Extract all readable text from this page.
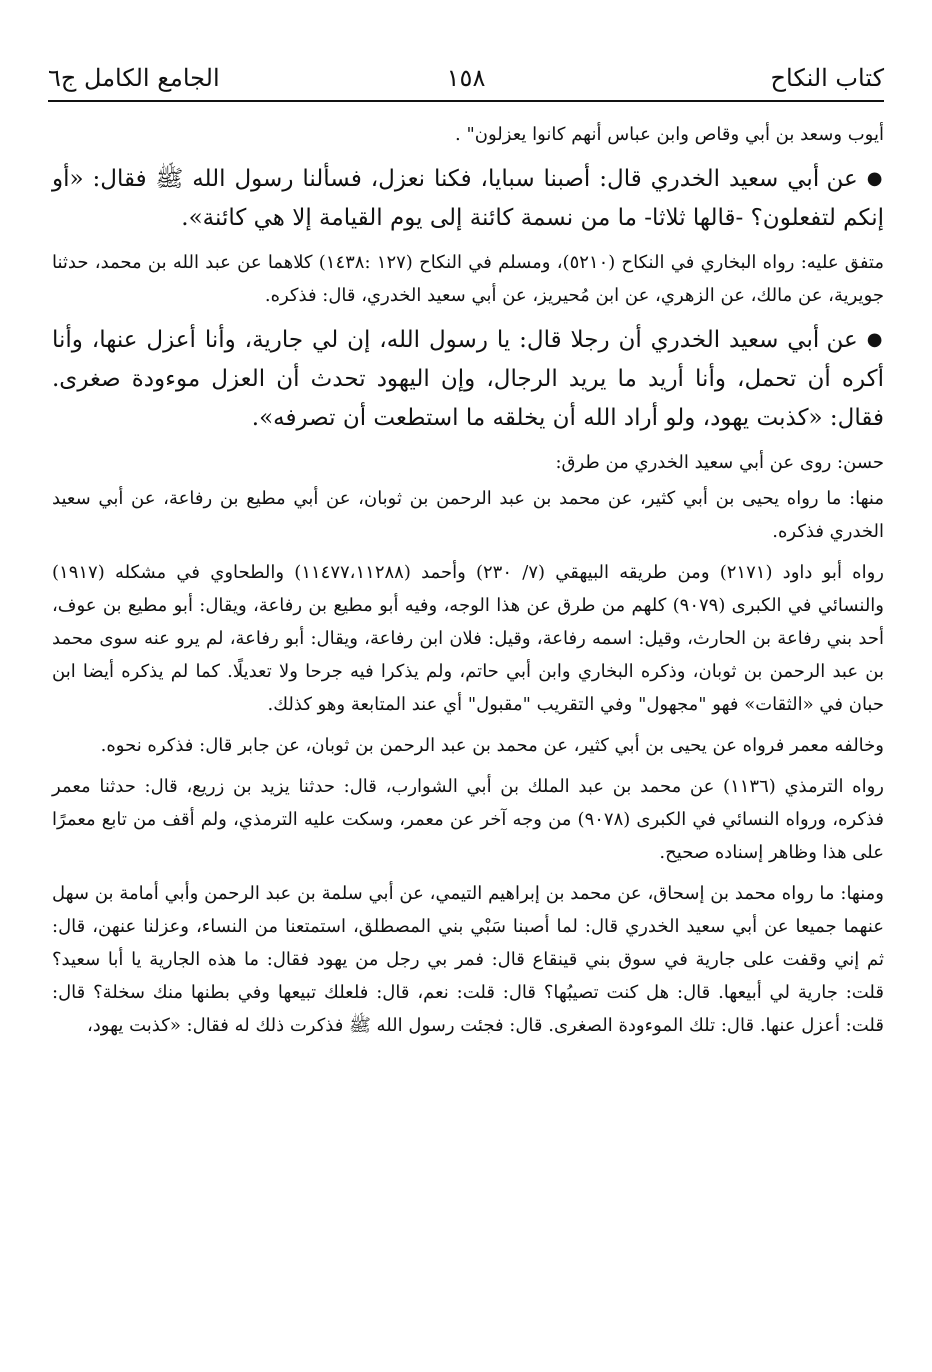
كتاب النكاح
١٥٨
الجامع الكامل ج٦

أيوب وسعد بن أبي وقاص وابن عباس أنهم كانوا يعزلون" .

● عن أبي سعيد الخدري قال: أصبنا سبايا، فكنا نعزل، فسألنا رسول الله ﷺ فقال: «أو إنكم لتفعلون؟ -قالها ثلاثا- ما من نسمة كائنة إلى يوم القيامة إلا هي كائنة».

متفق عليه: رواه البخاري في النكاح (٥٢١٠)، ومسلم في النكاح (١٢٧ :١٤٣٨) كلاهما عن عبد الله بن محمد، حدثنا جويرية، عن مالك، عن الزهري، عن ابن مُحيريز، عن أبي سعيد الخدري، قال: فذكره.

● عن أبي سعيد الخدري أن رجلا قال: يا رسول الله، إن لي جارية، وأنا أعزل عنها، وأنا أكره أن تحمل، وأنا أريد ما يريد الرجال، وإن اليهود تحدث أن العزل موءودة صغرى. فقال: «كذبت يهود، ولو أراد الله أن يخلقه ما استطعت أن تصرفه».

حسن: روى عن أبي سعيد الخدري من طرق:

منها: ما رواه يحيى بن أبي كثير، عن محمد بن عبد الرحمن بن ثوبان، عن أبي مطيع بن رفاعة، عن أبي سعيد الخدري فذكره.

رواه أبو داود (٢١٧١) ومن طريقه البيهقي (٧/ ٢٣٠) وأحمد (١١٤٧٧،١١٢٨٨) والطحاوي في مشكله (١٩١٧) والنسائي في الكبرى (٩٠٧٩) كلهم من طرق عن هذا الوجه، وفيه أبو مطيع بن رفاعة، ويقال: أبو مطيع بن عوف، أحد بني رفاعة بن الحارث، وقيل: اسمه رفاعة، وقيل: فلان ابن رفاعة، ويقال: أبو رفاعة، لم يرو عنه سوى محمد بن عبد الرحمن بن ثوبان، وذكره البخاري وابن أبي حاتم، ولم يذكرا فيه جرحا ولا تعديلًا. كما لم يذكره أيضا ابن حبان في «الثقات» فهو "مجهول" وفي التقريب "مقبول" أي عند المتابعة وهو كذلك.

وخالفه معمر فرواه عن يحيى بن أبي كثير، عن محمد بن عبد الرحمن بن ثوبان، عن جابر قال: فذكره نحوه.

رواه الترمذي (١١٣٦) عن محمد بن عبد الملك بن أبي الشوارب، قال: حدثنا يزيد بن زريع، قال: حدثنا معمر فذكره، ورواه النسائي في الكبرى (٩٠٧٨) من وجه آخر عن معمر، وسكت عليه الترمذي، ولم أقف من تابع معمرًا على هذا وظاهر إسناده صحيح.

ومنها: ما رواه محمد بن إسحاق، عن محمد بن إبراهيم التيمي، عن أبي سلمة بن عبد الرحمن وأبي أمامة بن سهل عنهما جميعا عن أبي سعيد الخدري قال: لما أصبنا سَبْي بني المصطلق، استمتعنا من النساء، وعزلنا عنهن، قال: ثم إني وقفت على جارية في سوق بني قينقاع قال: فمر بي رجل من يهود فقال: ما هذه الجارية يا أبا سعيد؟ قلت: جارية لي أبيعها. قال: هل كنت تصيبُها؟ قال: قلت: نعم، قال: فلعلك تبيعها وفي بطنها منك سخلة؟ قال: قلت: أعزل عنها. قال: تلك الموءودة الصغرى. قال: فجئت رسول الله ﷺ فذكرت ذلك له فقال: «كذبت يهود،
